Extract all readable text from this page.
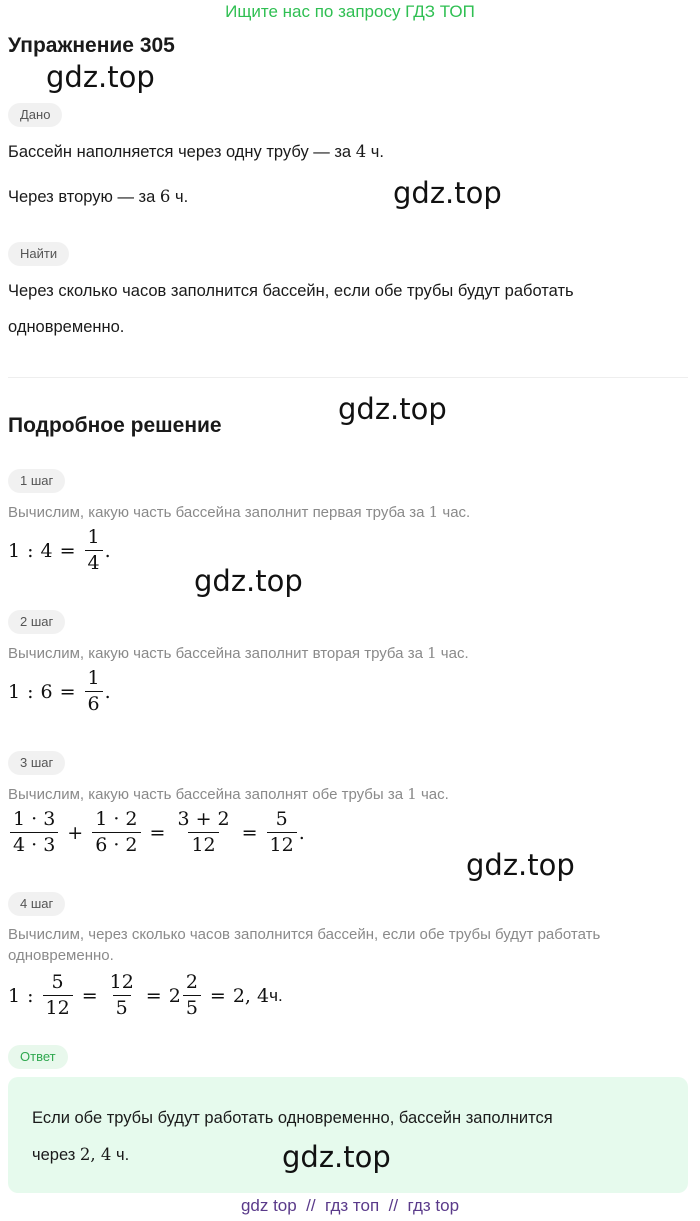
Ищите нас по запросу ГДЗ ТОП
Упражнение 305
gdz.top
Дано
Бассейн наполняется через одну трубу — за 4 ч.
Через вторую — за 6 ч.	gdz.top
Найти
Через сколько часов заполнится бассейн, если обе трубы будут работать
одновременно.
gdz.top
Подробное решение
1 шаг
Вычислим, какую часть бассейна заполнит первая труба за 1 час.
1 : $4 = \frac{1}{4}$ .
gdz.top
2 шаг
Вычислим, какую часть бассейна заполнит вторая труба за 1 час.
1 : $6 = \frac{1}{6}$ .
3 шаг
Вычислим, какую часть бассейна заполнят обе трубы за 1 час.
$\frac{1 \cdot 3}{4 \cdot 3} + \frac{1 \cdot 2}{6 \cdot 2} = \frac{3 + 2}{12} = \frac{5}{12}$ .
gdz.top
4 шаг
Вычислим, через сколько часов заполнится бассейн, если обе трубы будут работать
одновременно.
1 : $\frac{5}{12} = \frac{12}{5} = 2 \frac{2}{5} = 2$, 4 ч.
Ответ
Если обе трубы будут работать одновременно, бассейн заполнится
через 2, 4 ч.	gdz.top
gdz top  //  гдз топ  //  гдз top
